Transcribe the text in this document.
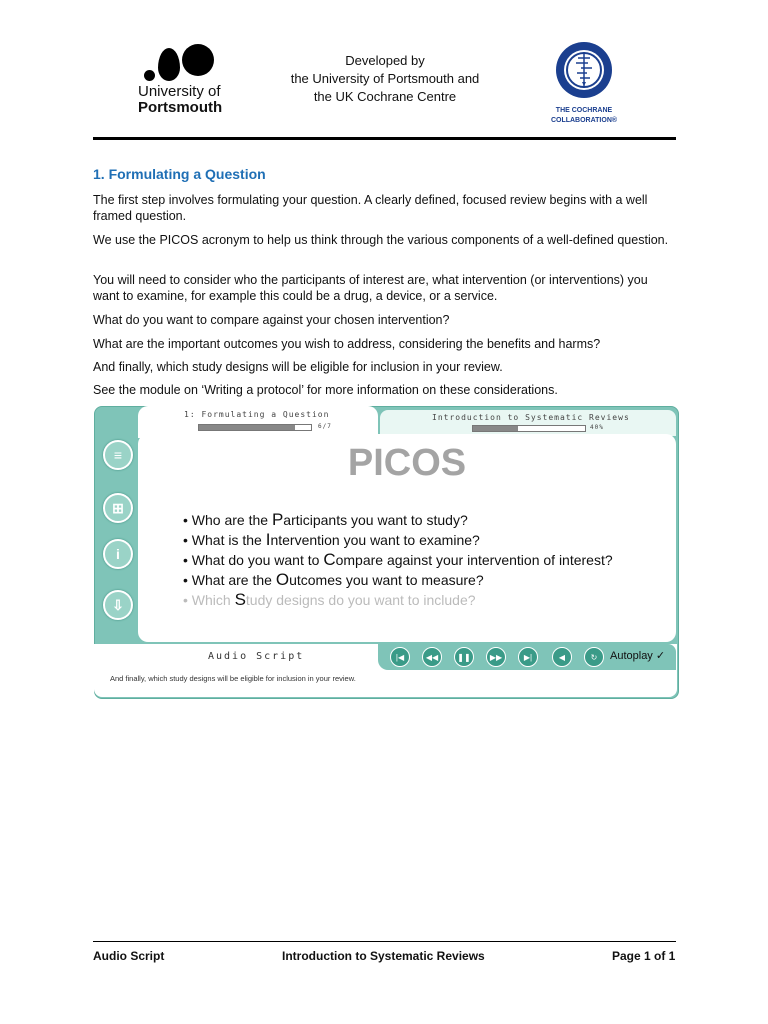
University of
Portsmouth
Developed by
the University of Portsmouth and
the UK Cochrane Centre
THE COCHRANE
COLLABORATION®
1. Formulating a Question
The first step involves formulating your question. A clearly defined, focused review begins with a well framed question.
We use the PICOS acronym to help us think through the various components of a well-defined question.
You will need to consider who the participants of interest are, what intervention (or interventions) you want to examine, for example this could be a drug, a device, or a service.
What do you want to compare against your chosen intervention?
What are the important outcomes you wish to address, considering the benefits and harms?
And finally, which study designs will be eligible for inclusion in your review.
See the module on ‘Writing a protocol’ for more information on these considerations.
Introduction to Systematic Reviews
40%
1: Formulating a Question
6/7
≡
⊞
i
⇩
PICOS
• Who are the Participants you want to study?
• What is the Intervention you want to examine?
• What do you want to Compare against your intervention of interest?
• What are the Outcomes you want to measure?
• Which Study designs do you want to include?
Audio Script	|◀	◀◀	❚❚	▶▶	▶|	◀	↻	Autoplay ✓
And finally, which study designs will be eligible for inclusion in your review.
Audio Script	Introduction to Systematic Reviews	Page 1 of 1
